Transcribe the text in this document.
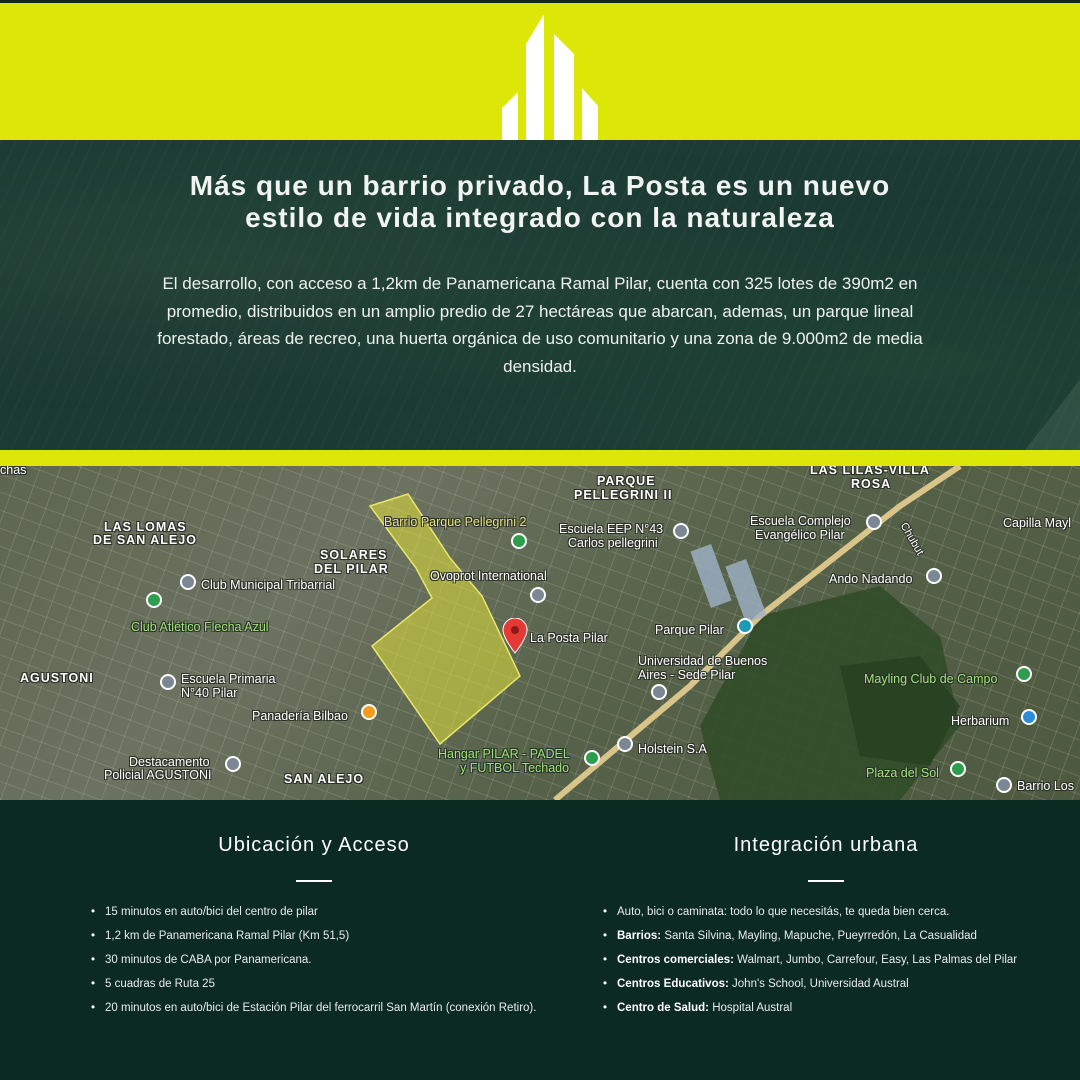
Más que un barrio privado, La Posta es un nuevo
estilo de vida integrado con la naturaleza

El desarrollo, con acceso a 1,2km de Panamericana Ramal Pilar, cuenta con 325 lotes de 390m2 en promedio, distribuidos en un amplio predio de 27 hectáreas que abarcan, ademas, un parque lineal forestado, áreas de recreo, una huerta orgánica de uso comunitario y una zona de 9.000m2 de media densidad.

chas
PARQUE
PELLEGRINI II
LAS LILAS-VILLA
ROSA
LAS LOMAS
DE SAN ALEJO
SOLARES
DEL PILAR
AGUSTONI
SAN ALEJO
Barrio Parque Pellegrini 2	Escuela EEP N°43
Carlos pellegrini
Escuela Complejo
Evangélico Pilar
Capilla Mayl
Chubut
Club Municipal Tribarrial
Ovoprot International	Ando Nadando
Club Atlético Flecha Azul
La Posta Pilar
Parque Pilar
Universidad de Buenos
Aires - Sede Pilar
Escuela Primaria
N°40 Pilar
Mayling Club de Campo
Panadería Bilbao	Herbarium
Hangar PILAR - PADEL
y FUTBOL Techado
Holstein S.A
Destacamento
Policial AGUSTONI	Plaza del Sol
Barrio Los
Ubicación y Acceso
• 15 minutos en auto/bici del centro de pilar
• 1,2 km de Panamericana Ramal Pilar (Km 51,5)
• 30 minutos de CABA por Panamericana.
• 5 cuadras de Ruta 25
• 20 minutos en auto/bici de Estación Pilar del ferrocarril San Martín (conexión Retiro).
Integración urbana
• Auto, bici o caminata: todo lo que necesitás, te queda bien cerca.
• Barrios: Santa Silvina, Mayling, Mapuche, Pueyrredón, La Casualidad
• Centros comerciales: Walmart, Jumbo, Carrefour, Easy, Las Palmas del Pilar
• Centros Educativos: John's School, Universidad Austral
• Centro de Salud: Hospital Austral
